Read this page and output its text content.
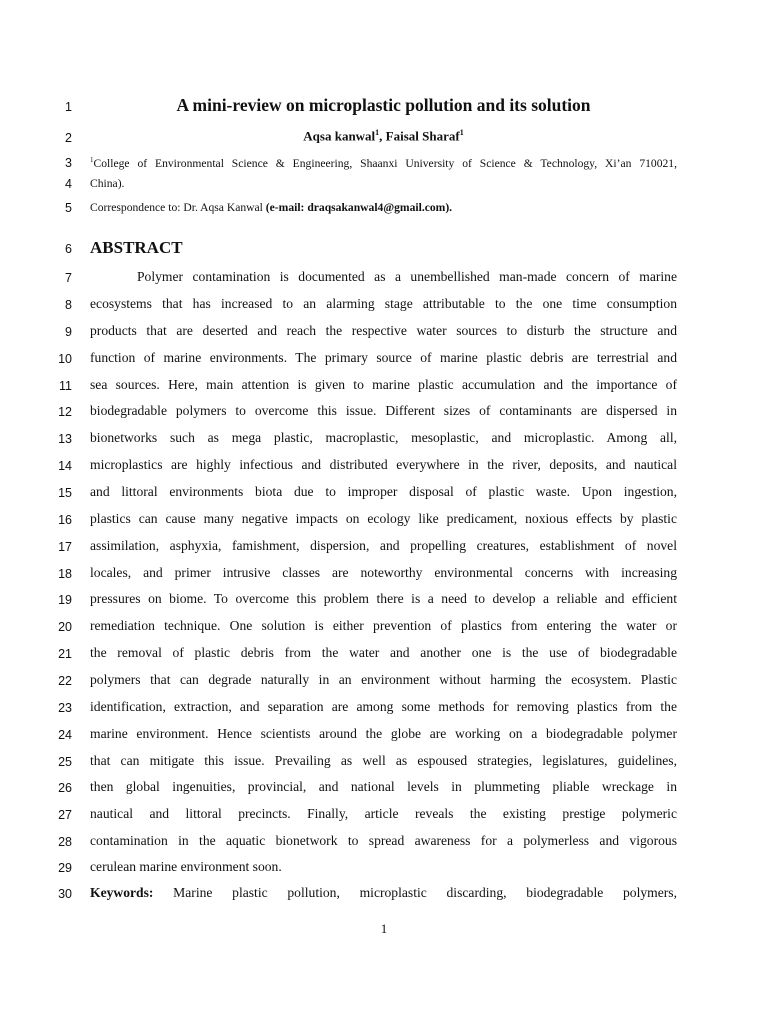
1
2
3
4
5
6
7
8
9
10
11
12
13
14
15
16
17
18
19
20
21
22
23
24
25
26
27
28
29
30
A mini-review on microplastic pollution and its solution
Aqsa kanwal$^1$, Faisal Sharaf$^1$
$^1$College of Environmental Science & Engineering, Shaanxi University of Science & Technology, Xi’an 710021,
China).
Correspondence to: Dr. Aqsa Kanwal (e-mail: draqsakanwal4@gmail.com).
ABSTRACT
Polymer contamination is documented as a unembellished man-made concern of marine
ecosystems that has increased to an alarming stage attributable to the one time consumption
products that are deserted and reach the respective water sources to disturb the structure and
function of marine environments. The primary source of marine plastic debris are terrestrial and
sea sources. Here, main attention is given to marine plastic accumulation and the importance of
biodegradable polymers to overcome this issue. Different sizes of contaminants are dispersed in
bionetworks such as mega plastic, macroplastic, mesoplastic, and microplastic. Among all,
microplastics are highly infectious and distributed everywhere in the river, deposits, and nautical
and littoral environments biota due to improper disposal of plastic waste. Upon ingestion,
plastics can cause many negative impacts on ecology like predicament, noxious effects by plastic
assimilation, asphyxia, famishment, dispersion, and propelling creatures, establishment of novel
locales, and primer intrusive classes are noteworthy environmental concerns with increasing
pressures on biome. To overcome this problem there is a need to develop a reliable and efficient
remediation technique. One solution is either prevention of plastics from entering the water or
the removal of plastic debris from the water and another one is the use of biodegradable
polymers that can degrade naturally in an environment without harming the ecosystem. Plastic
identification, extraction, and separation are among some methods for removing plastics from the
marine environment. Hence scientists around the globe are working on a biodegradable polymer
that can mitigate this issue. Prevailing as well as espoused strategies, legislatures, guidelines,
then global ingenuities, provincial, and national levels in plummeting pliable wreckage in
nautical and littoral precincts. Finally, article reveals the existing prestige polymeric
contamination in the aquatic bionetwork to spread awareness for a polymerless and vigorous
cerulean marine environment soon.
Keywords: Marine plastic pollution, microplastic discarding, biodegradable polymers,
1
